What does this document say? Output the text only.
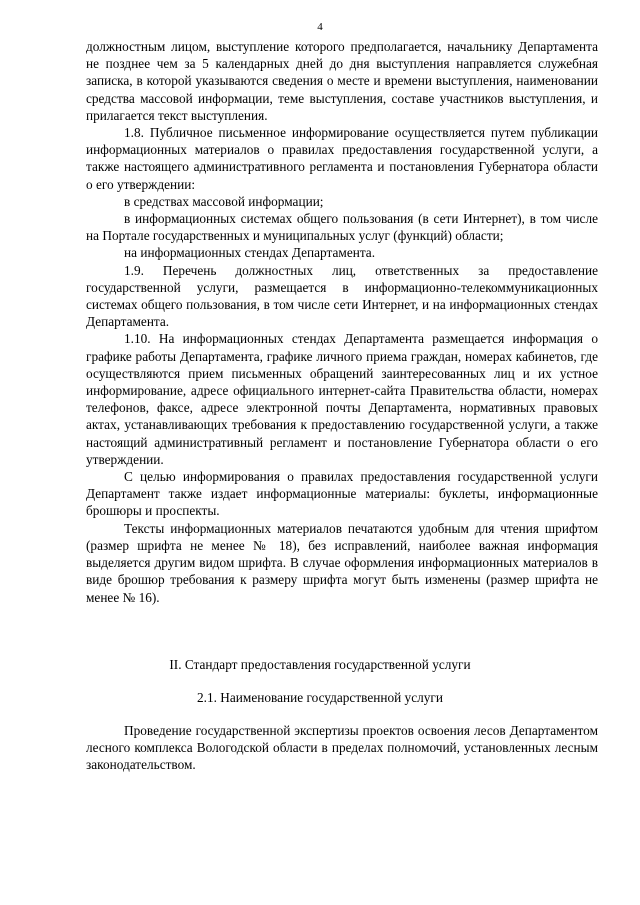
4

должностным лицом, выступление которого предполагается, начальнику Департамента не позднее чем за 5 календарных дней до дня выступления направляется служебная записка, в которой указываются сведения о месте и времени выступления, наименовании средства массовой информации, теме выступления, составе участников выступления, и прилагается текст выступления.

1.8. Публичное письменное информирование осуществляется путем публикации информационных материалов о правилах предоставления государственной услуги, а также настоящего административного регламента и постановления Губернатора области о его утверждении:

в средствах массовой информации;

в информационных системах общего пользования (в сети Интернет), в том числе на Портале государственных и муниципальных услуг (функций) области;

на информационных стендах Департамента.

1.9. Перечень должностных лиц, ответственных за предоставление государственной услуги, размещается в информационно-телекоммуникационных системах общего пользования, в том числе сети Интернет, и на информационных стендах Департамента.

1.10. На информационных стендах Департамента размещается информация о графике работы Департамента, графике личного приема граждан, номерах кабинетов, где осуществляются прием письменных обращений заинтересованных лиц и их устное информирование, адресе официального интернет-сайта Правительства области, номерах телефонов, факсе, адресе электронной почты Департамента, нормативных правовых актах, устанавливающих требования к предоставлению государственной услуги, а также настоящий административный регламент и постановление Губернатора области о его утверждении.

С целью информирования о правилах предоставления государственной услуги Департамент также издает информационные материалы: буклеты, информационные брошюры и проспекты.

Тексты информационных материалов печатаются удобным для чтения шрифтом (размер шрифта не менее № 18), без исправлений, наиболее важная информация выделяется другим видом шрифта. В случае оформления информационных материалов в виде брошюр требования к размеру шрифта могут быть изменены (размер шрифта не менее № 16).

II. Стандарт предоставления государственной услуги

2.1. Наименование государственной услуги

Проведение государственной экспертизы проектов освоения лесов Департаментом лесного комплекса Вологодской области в пределах полномочий, установленных лесным законодательством.
